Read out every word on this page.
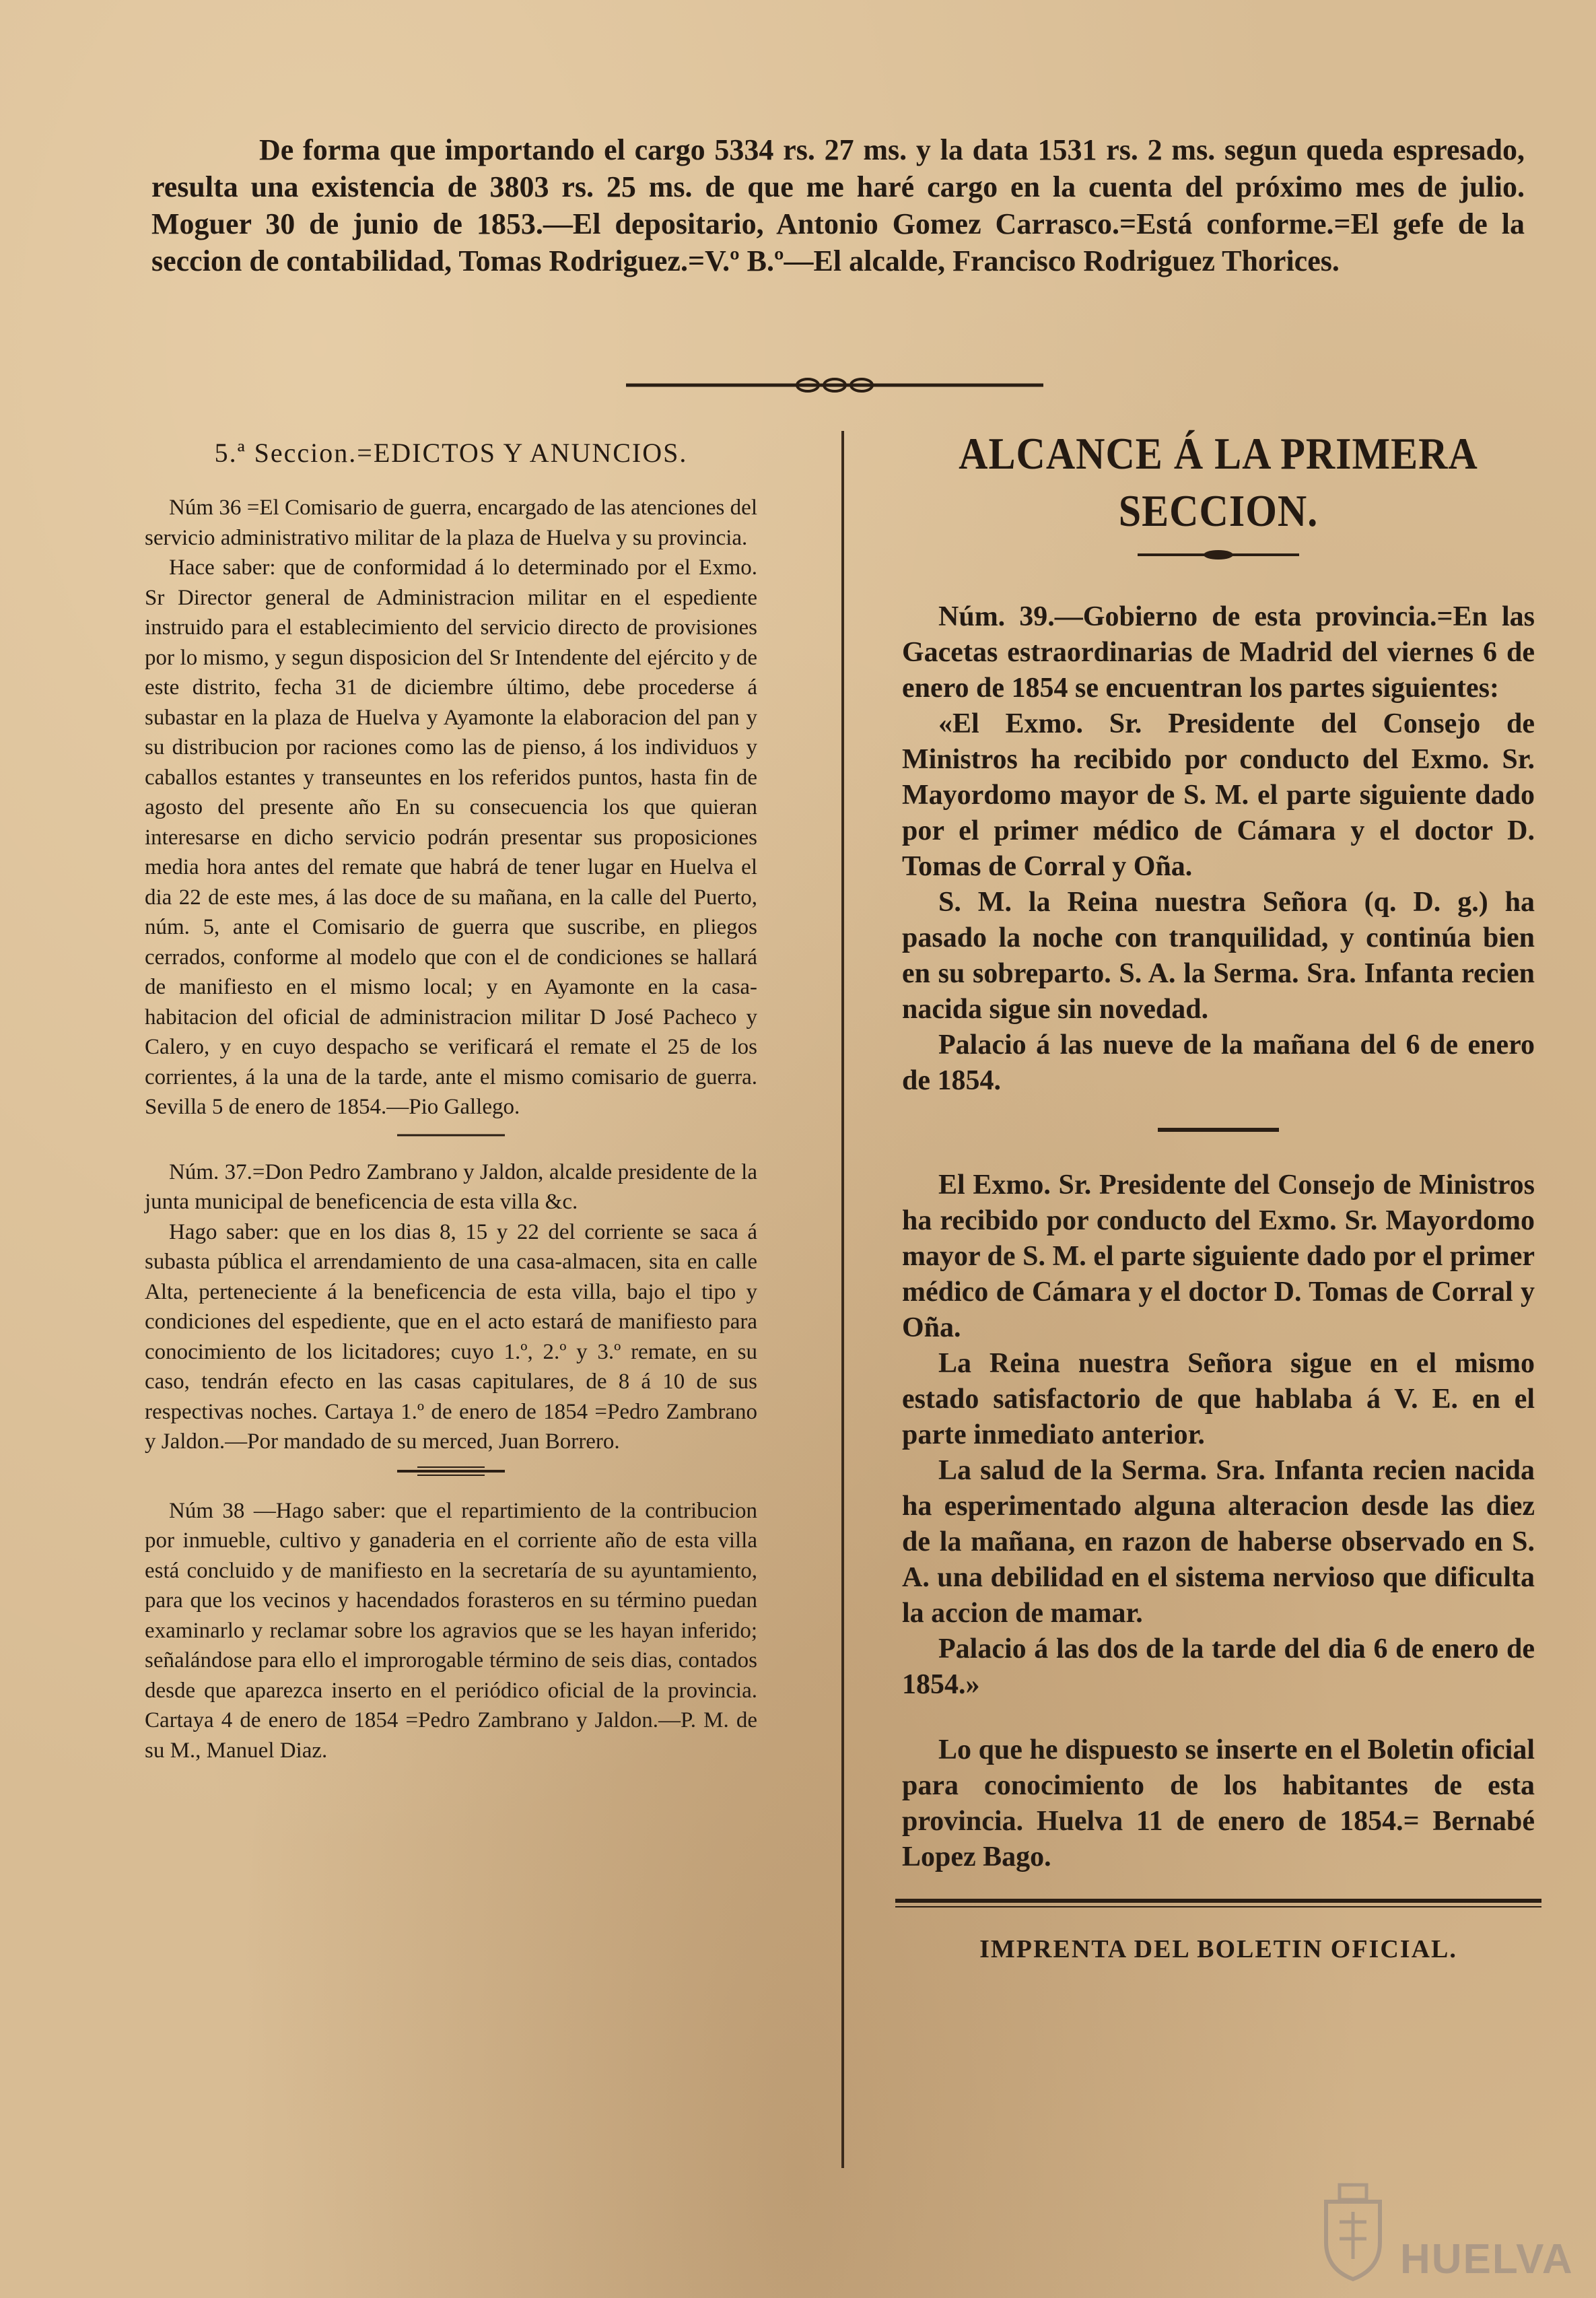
De forma que importando el cargo 5334 rs. 27 ms. y la data 1531 rs. 2 ms. segun queda espresado, resulta una existencia de 3803 rs. 25 ms. de que me haré cargo en la cuenta del próximo mes de julio. Moguer 30 de junio de 1853.—El depositario, Antonio Gomez Carrasco.=Está conforme.=El gefe de la seccion de contabilidad, Tomas Rodriguez.=V.º B.º—El alcalde, Francisco Rodriguez Thorices.
5.ª Seccion.=EDICTOS Y ANUNCIOS.

Núm 36 =El Comisario de guerra, encargado de las atenciones del servicio administrativo militar de la plaza de Huelva y su provincia.

Hace saber: que de conformidad á lo determinado por el Exmo. Sr Director general de Administracion militar en el espediente instruido para el establecimiento del servicio directo de provisiones por lo mismo, y segun disposicion del Sr Intendente del ejército y de este distrito, fecha 31 de diciembre último, debe procederse á subastar en la plaza de Huelva y Ayamonte la elaboracion del pan y su distribucion por raciones como las de pienso, á los individuos y caballos estantes y transeuntes en los referidos puntos, hasta fin de agosto del presente año En su consecuencia los que quieran interesarse en dicho servicio podrán presentar sus proposiciones media hora antes del remate que habrá de tener lugar en Huelva el dia 22 de este mes, á las doce de su mañana, en la calle del Puerto, núm. 5, ante el Comisario de guerra que suscribe, en pliegos cerrados, conforme al modelo que con el de condiciones se hallará de manifiesto en el mismo local; y en Ayamonte en la casa-habitacion del oficial de administracion militar D José Pacheco y Calero, y en cuyo despacho se verificará el remate el 25 de los corrientes, á la una de la tarde, ante el mismo comisario de guerra. Sevilla 5 de enero de 1854.—Pio Gallego.

Núm. 37.=Don Pedro Zambrano y Jaldon, alcalde presidente de la junta municipal de beneficencia de esta villa &c.

Hago saber: que en los dias 8, 15 y 22 del corriente se saca á subasta pública el arrendamiento de una casa-almacen, sita en calle Alta, perteneciente á la beneficencia de esta villa, bajo el tipo y condiciones del espediente, que en el acto estará de manifiesto para conocimiento de los licitadores; cuyo 1.º, 2.º y 3.º remate, en su caso, tendrán efecto en las casas capitulares, de 8 á 10 de sus respectivas noches. Cartaya 1.º de enero de 1854 =Pedro Zambrano y Jaldon.—Por mandado de su merced, Juan Borrero.

Núm 38 —Hago saber: que el repartimiento de la contribucion por inmueble, cultivo y ganaderia en el corriente año de esta villa está concluido y de manifiesto en la secretaría de su ayuntamiento, para que los vecinos y hacendados forasteros en su término puedan examinarlo y reclamar sobre los agravios que se les hayan inferido; señalándose para ello el improrogable término de seis dias, contados desde que aparezca inserto en el periódico oficial de la provincia. Cartaya 4 de enero de 1854 =Pedro Zambrano y Jaldon.—P. M. de su M., Manuel Diaz.

ALCANCE Á LA PRIMERA SECCION.

Núm. 39.—Gobierno de esta provincia.=En las Gacetas estraordinarias de Madrid del viernes 6 de enero de 1854 se encuentran los partes siguientes:

«El Exmo. Sr. Presidente del Consejo de Ministros ha recibido por conducto del Exmo. Sr. Mayordomo mayor de S. M. el parte siguiente dado por el primer médico de Cámara y el doctor D. Tomas de Corral y Oña.

S. M. la Reina nuestra Señora (q. D. g.) ha pasado la noche con tranquilidad, y continúa bien en su sobreparto. S. A. la Serma. Sra. Infanta recien nacida sigue sin novedad.

Palacio á las nueve de la mañana del 6 de enero de 1854.

El Exmo. Sr. Presidente del Consejo de Ministros ha recibido por conducto del Exmo. Sr. Mayordomo mayor de S. M. el parte siguiente dado por el primer médico de Cámara y el doctor D. Tomas de Corral y Oña.

La Reina nuestra Señora sigue en el mismo estado satisfactorio de que hablaba á V. E. en el parte inmediato anterior.

La salud de la Serma. Sra. Infanta recien nacida ha esperimentado alguna alteracion desde las diez de la mañana, en razon de haberse observado en S. A. una debilidad en el sistema nervioso que dificulta la accion de mamar.

Palacio á las dos de la tarde del dia 6 de enero de 1854.»

Lo que he dispuesto se inserte en el Boletin oficial para conocimiento de los habitantes de esta provincia. Huelva 11 de enero de 1854.= Bernabé Lopez Bago.

IMPRENTA DEL BOLETIN OFICIAL.
HUELVA
